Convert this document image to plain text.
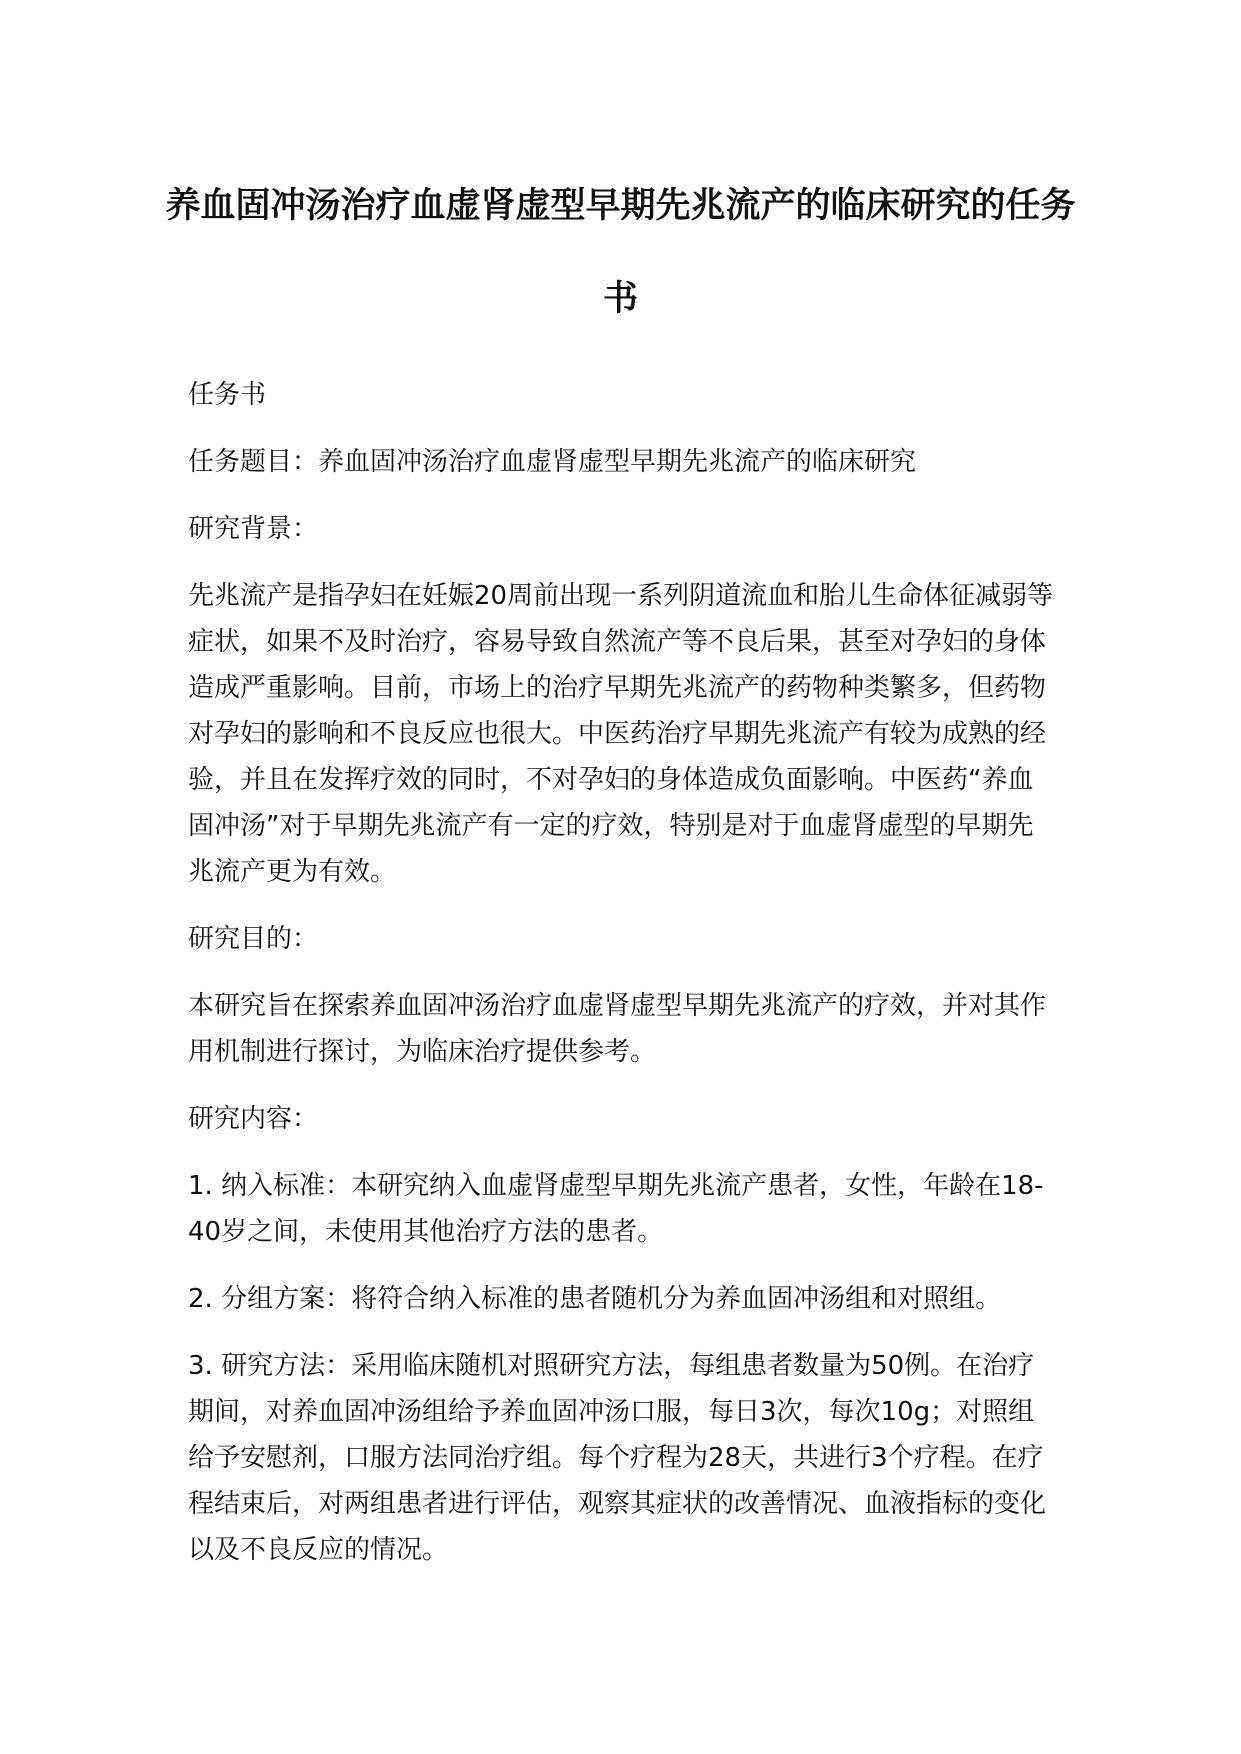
养血固冲汤治疗血虚肾虚型早期先兆流产的临床研究的任务书

任务书

任务题目：养血固冲汤治疗血虚肾虚型早期先兆流产的临床研究

研究背景：

先兆流产是指孕妇在妊娠20周前出现一系列阴道流血和胎儿生命体征减弱等症状，如果不及时治疗，容易导致自然流产等不良后果，甚至对孕妇的身体造成严重影响。目前，市场上的治疗早期先兆流产的药物种类繁多，但药物对孕妇的影响和不良反应也很大。中医药治疗早期先兆流产有较为成熟的经验，并且在发挥疗效的同时，不对孕妇的身体造成负面影响。中医药“养血固冲汤”对于早期先兆流产有一定的疗效，特别是对于血虚肾虚型的早期先兆流产更为有效。

研究目的：

本研究旨在探索养血固冲汤治疗血虚肾虚型早期先兆流产的疗效，并对其作用机制进行探讨，为临床治疗提供参考。

研究内容：

1. 纳入标准：本研究纳入血虚肾虚型早期先兆流产患者，女性，年龄在18-40岁之间，未使用其他治疗方法的患者。

2. 分组方案：将符合纳入标准的患者随机分为养血固冲汤组和对照组。

3. 研究方法：采用临床随机对照研究方法，每组患者数量为50例。在治疗期间，对养血固冲汤组给予养血固冲汤口服，每日3次，每次10g；对照组给予安慰剂，口服方法同治疗组。每个疗程为28天，共进行3个疗程。在疗程结束后，对两组患者进行评估，观察其症状的改善情况、血液指标的变化以及不良反应的情况。
